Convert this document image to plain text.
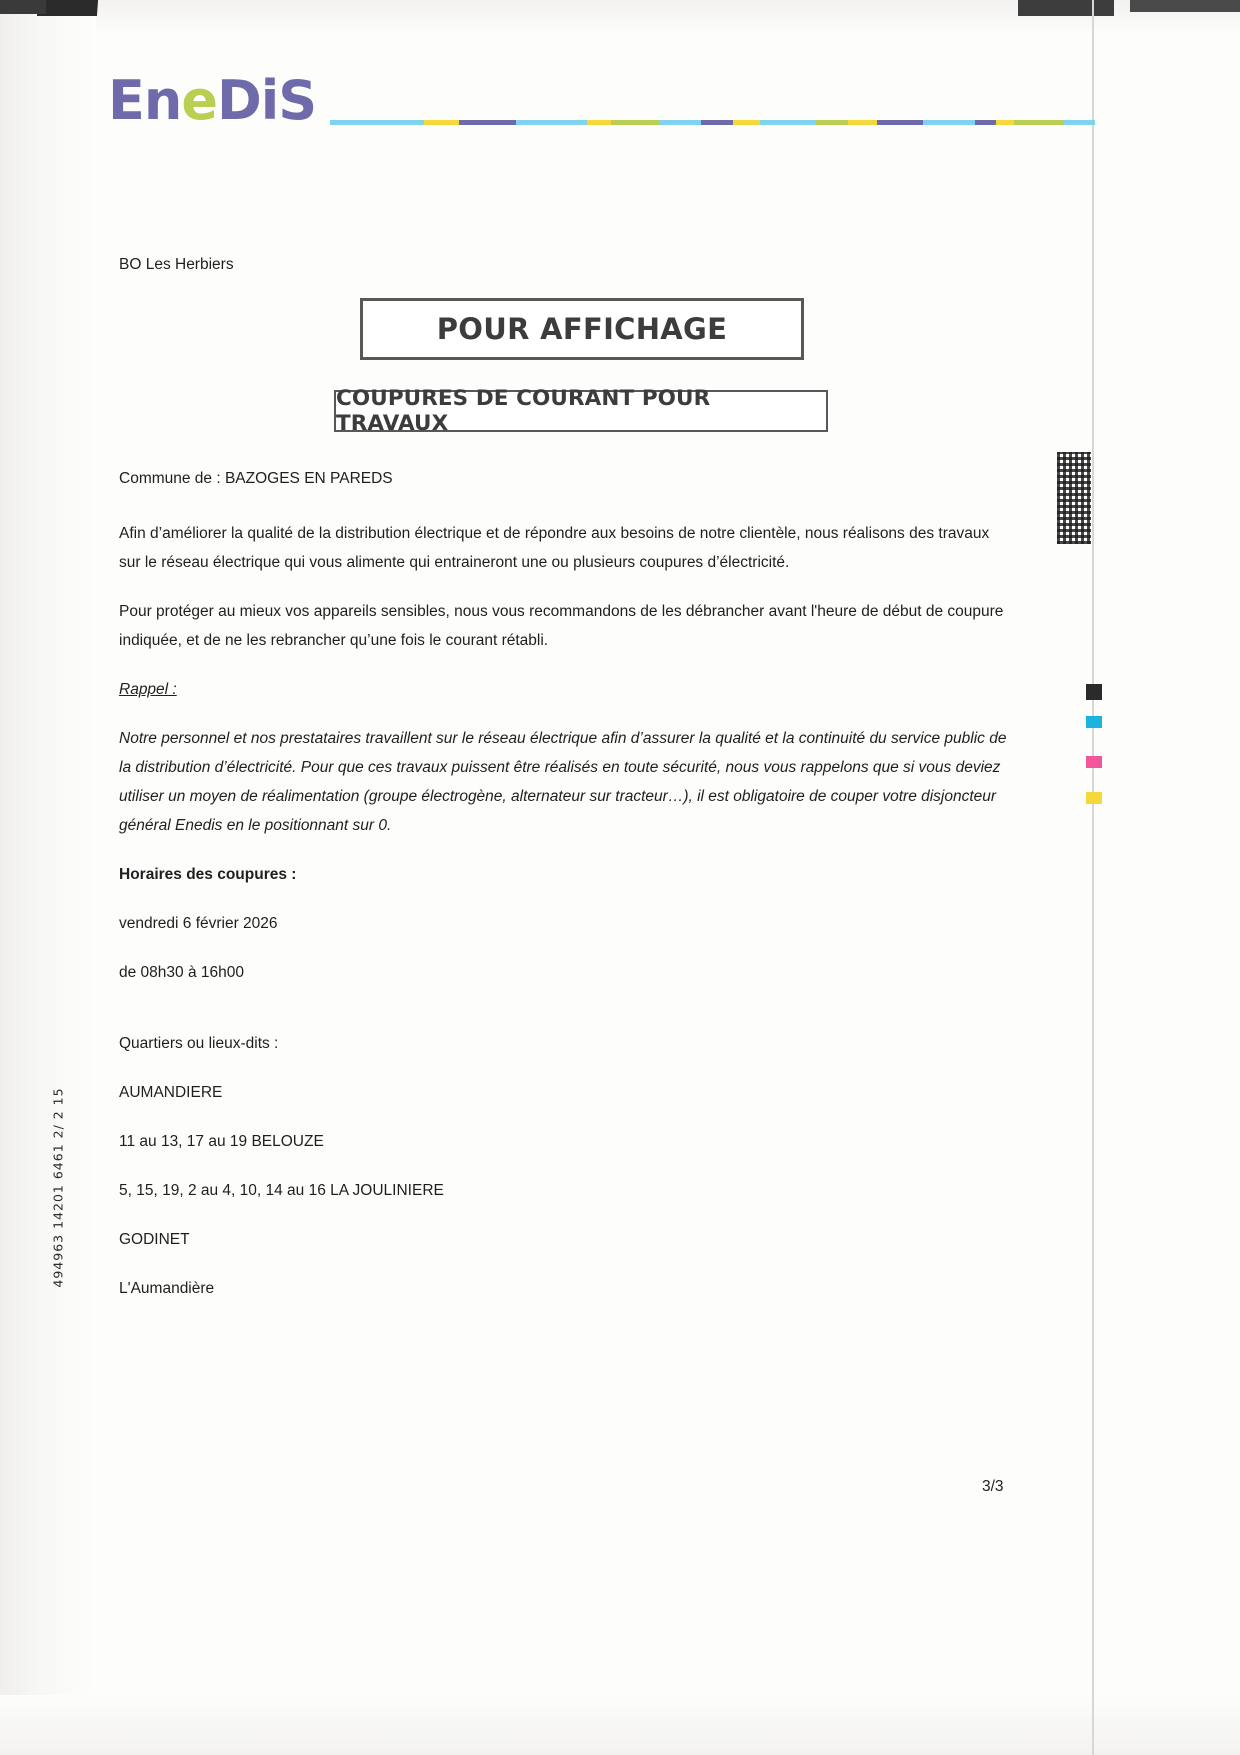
EneDiS
BO Les Herbiers
POUR AFFICHAGE
COUPURES DE COURANT POUR TRAVAUX

Commune de : BAZOGES EN PAREDS

Afin d’améliorer la qualité de la distribution électrique et de répondre aux besoins de notre clientèle, nous réalisons des travaux sur le réseau électrique qui vous alimente qui entraineront une ou plusieurs coupures d’électricité.

Pour protéger au mieux vos appareils sensibles, nous vous recommandons de les débrancher avant l'heure de début de coupure indiquée, et de ne les rebrancher qu’une fois le courant rétabli.

Rappel :

Notre personnel et nos prestataires travaillent sur le réseau électrique afin d’assurer la qualité et la continuité du service public de la distribution d’électricité. Pour que ces travaux puissent être réalisés en toute sécurité, nous vous rappelons que si vous deviez utiliser un moyen de réalimentation (groupe électrogène, alternateur sur tracteur…), il est obligatoire de couper votre disjoncteur général Enedis en le positionnant sur 0.

Horaires des coupures :

vendredi 6 février 2026

de 08h30 à 16h00

Quartiers ou lieux-dits :

AUMANDIERE

11 au 13, 17 au 19 BELOUZE

5, 15, 19, 2 au 4, 10, 14 au 16 LA JOULINIERE

GODINET

L'Aumandière

494963 14201 6461 2/ 2 15
3/3
